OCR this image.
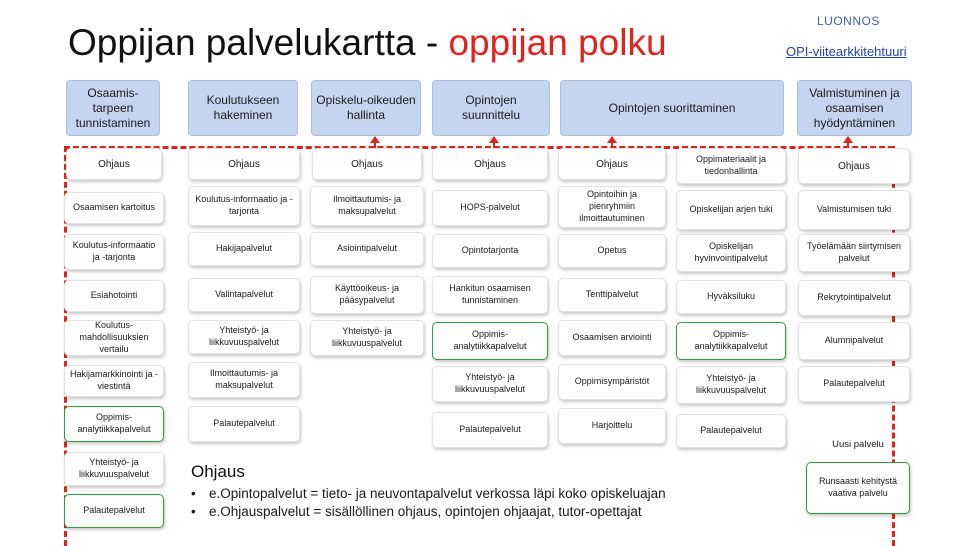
Oppijan palvelukartta - oppijan polku
LUONNOS
OPI-viitearkkitehtuuri
Osaamis-tarpeen tunnistaminen
Koulutukseen hakeminen
Opiskelu-oikeuden hallinta
Opintojen suunnittelu
Opintojen suorittaminen
Valmistuminen ja osaamisen hyödyntäminen
Ohjaus
Osaamisen kartoitus
Koulutus-informaatio ja -tarjonta
Esiahotointi
Koulutus-mahdollisuuksien vertailu
Hakijamarkkinointi ja -viestintä
Oppimis-analytiikkapalvelut
Yhteistyö- ja liikkuvuuspalvelut
Palautepalvelut
Ohjaus
Koulutus-informaatio ja -tarjonta
Hakijapalvelut
Valintapalvelut
Yhteistyö- ja liikkuvuuspalvelut
Ilmoittautumis- ja maksupalvelut
Palautepalvelut
Ohjaus
Ilmoittautumis- ja maksupalvelut
Asiointipalvelut
Käyttöoikeus- ja pääsypalvelut
Yhteistyö- ja liikkuvuuspalvelut
Ohjaus
HOPS-palvelut
Opintotarjonta
Hankitun osaamisen tunnistaminen
Oppimis-analytiikkapalvelut
Yhteistyö- ja liikkuvuuspalvelut
Palautepalvelut
Ohjaus
Opintoihin ja pienryhmiin ilmoittautuminen
Opetus
Tenttipalvelut
Osaamisen arviointi
Oppimisympäristöt
Harjoittelu
Oppimateriaalit ja tiedonhallinta
Opiskelijan arjen tuki
Opiskelijan hyvinvointipalvelut
Hyväksiluku
Oppimis-analytiikkapalvelut
Yhteistyö- ja liikkuvuuspalvelut
Palautepalvelut
Ohjaus
Valmistumisen tuki
Työelämään siirtymisen palvelut
Rekrytointipalvelut
Alumnipalvelut
Palautepalvelut
Uusi palvelu
Runsaasti kehitystä vaativa palvelu
Ohjaus
• e.Opintopalvelut = tieto- ja neuvontapalvelut verkossa läpi koko opiskeluajan
• e.Ohjauspalvelut = sisällöllinen ohjaus, opintojen ohjaajat, tutor-opettajat
